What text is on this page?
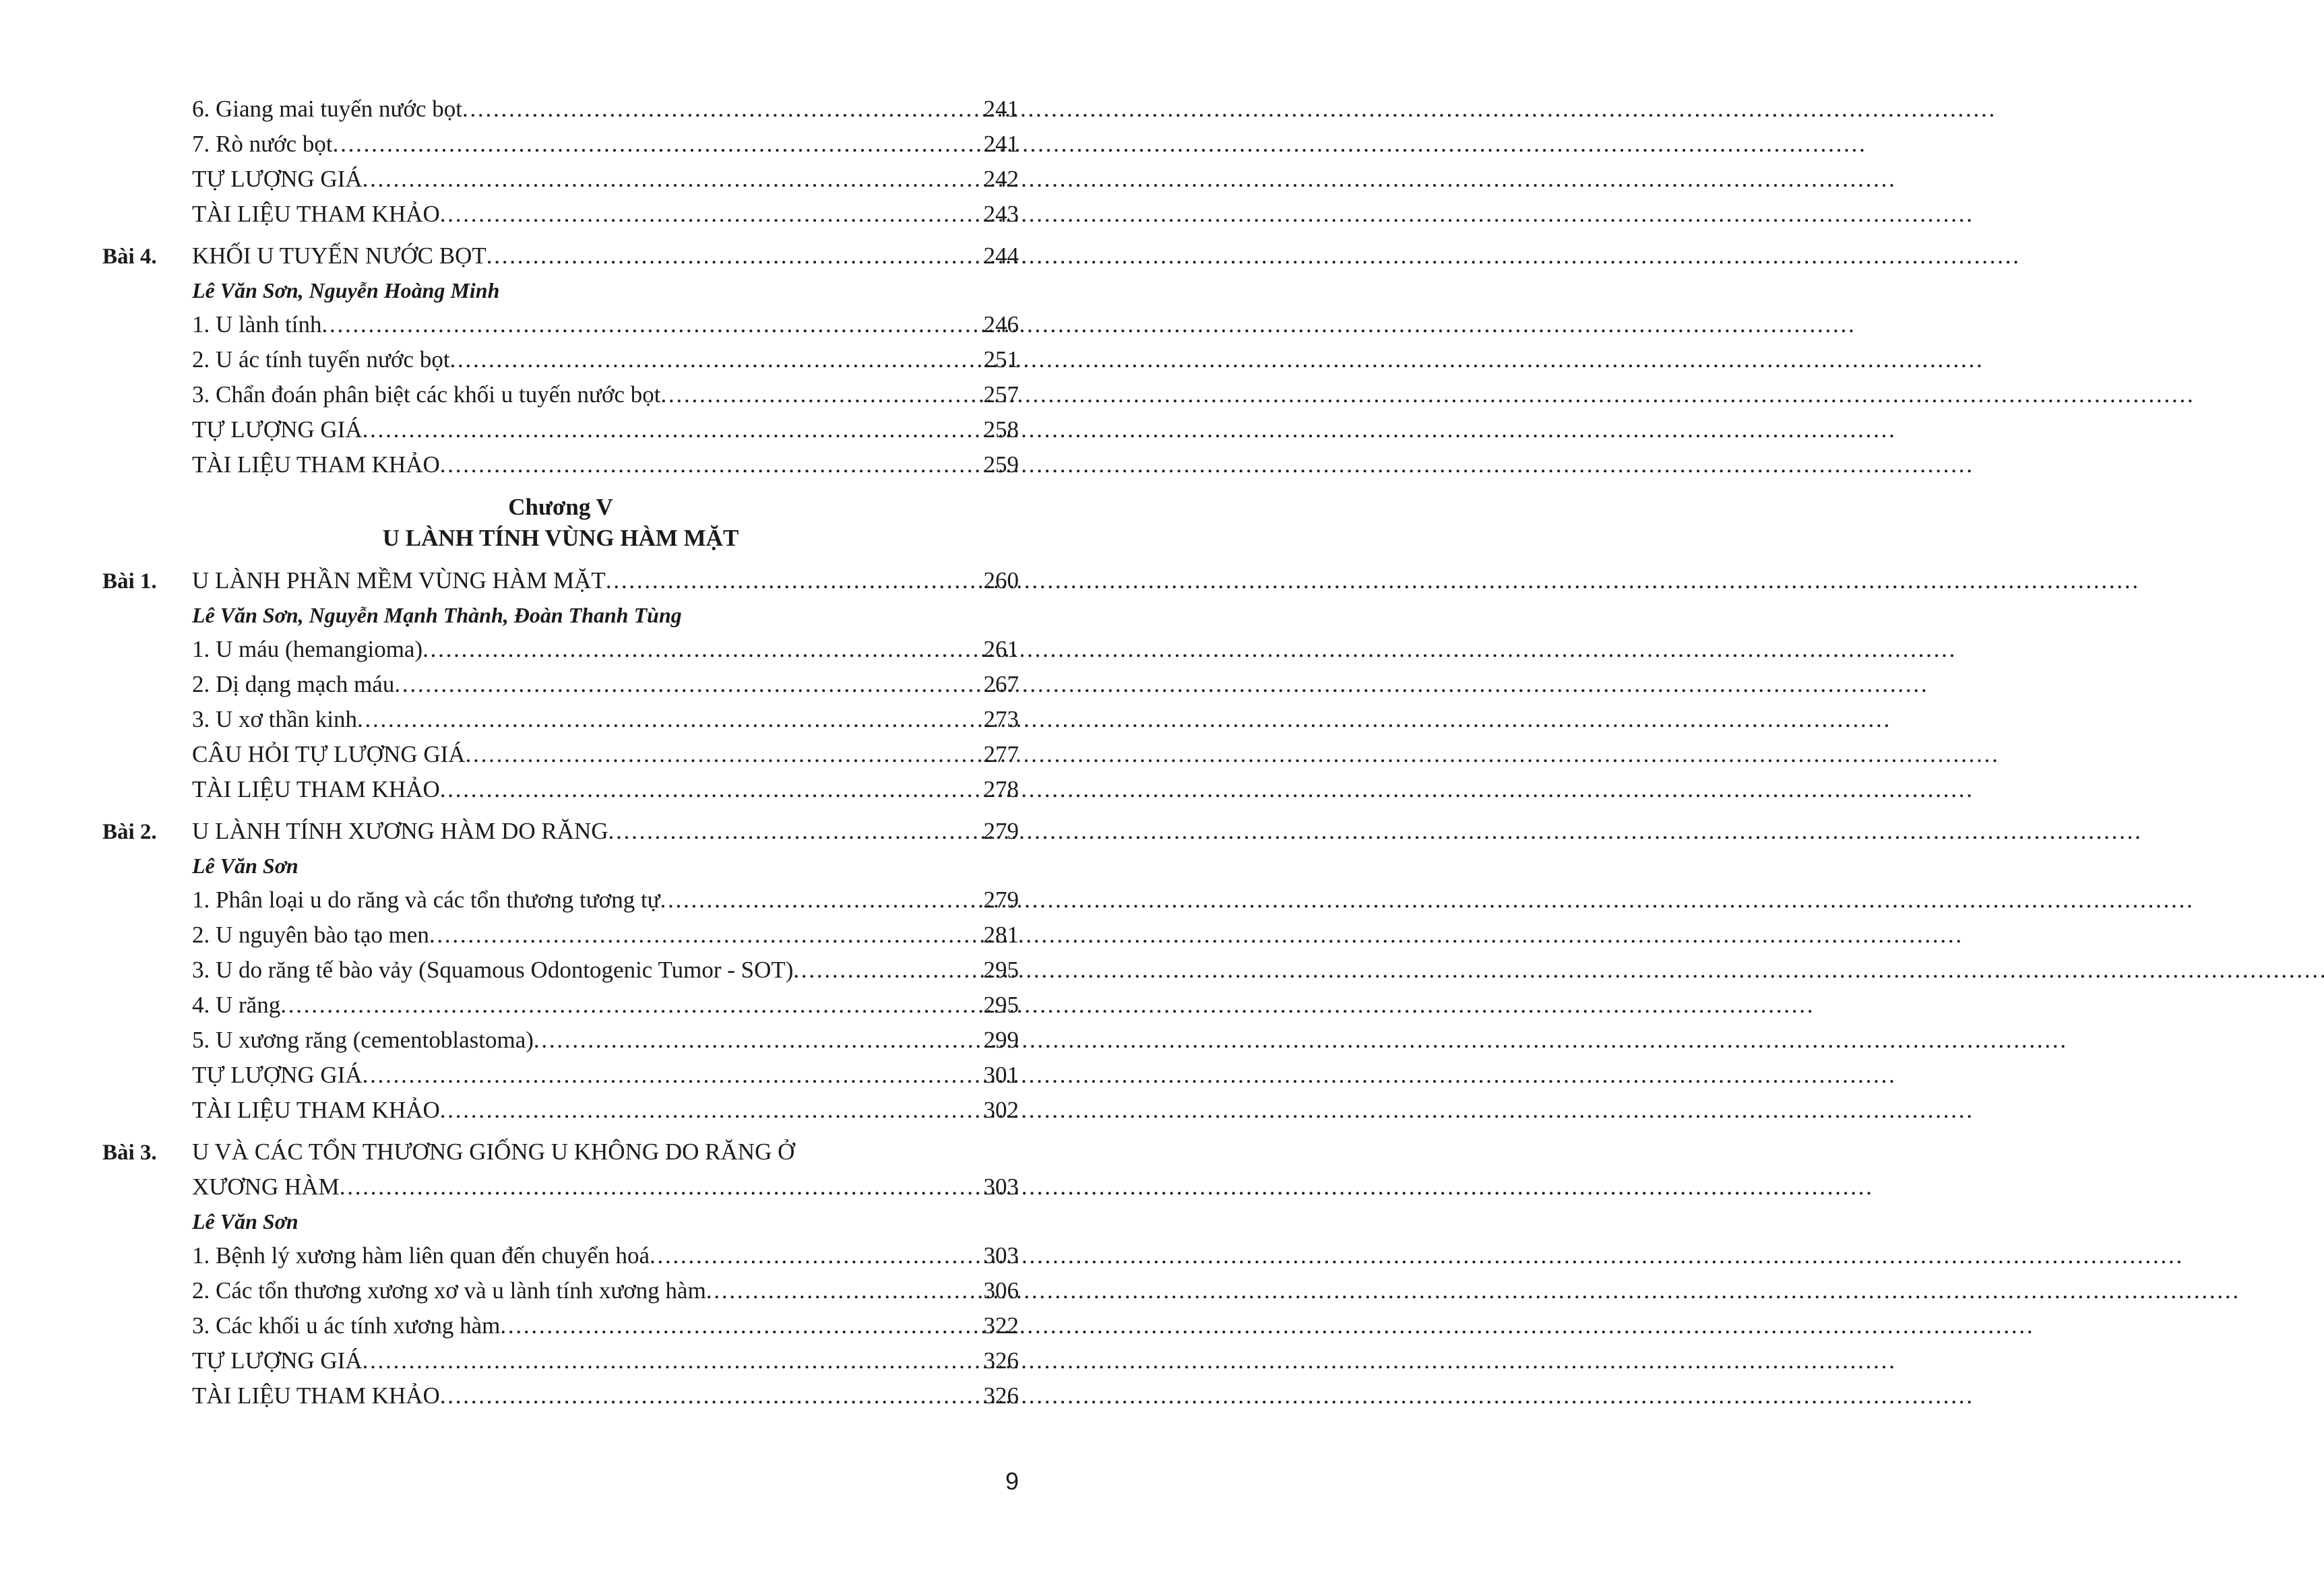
6. Giang mai tuyến nước bọt . . .	241
7. Rò nước bọt . . .	241
TỰ LƯỢNG GIÁ . . .	242
TÀI LIỆU THAM KHẢO . . .	243
Bài 4.	KHỐI U TUYẾN NƯỚC BỌT . . .	244
Lê Văn Sơn, Nguyễn Hoàng Minh
1. U lành tính . . .	246
2. U ác tính tuyến nước bọt . . .	251
3. Chẩn đoán phân biệt các khối u tuyến nước bọt . . .	257
TỰ LƯỢNG GIÁ . . .	258
TÀI LIỆU THAM KHẢO . . .	259
Chương V
U LÀNH TÍNH VÙNG HÀM MẶT
Bài 1.	U LÀNH PHẦN MỀM VÙNG HÀM MẶT . . .	260
Lê Văn Sơn, Nguyễn Mạnh Thành, Đoàn Thanh Tùng
1. U máu (hemangioma) . . .	261
2. Dị dạng mạch máu . . .	267
3. U xơ thần kinh . . .	273
CÂU HỎI TỰ LƯỢNG GIÁ . . .	277
TÀI LIỆU THAM KHẢO . . .	278
Bài 2.	U LÀNH TÍNH XƯƠNG HÀM DO RĂNG . . .	279
Lê Văn Sơn
1. Phân loại u do răng và các tổn thương tương tự . . .	279
2. U nguyên bào tạo men . . .	281
3. U do răng tế bào vảy (Squamous Odontogenic Tumor - SOT) . . .	295
4. U răng . . .	295
5. U xương răng (cementoblastoma) . . .	299
TỰ LƯỢNG GIÁ . . .	301
TÀI LIỆU THAM KHẢO . . .	302
Bài 3.	U VÀ CÁC TỔN THƯƠNG GIỐNG U KHÔNG DO RĂNG Ở
XƯƠNG HÀM . . .	303
Lê Văn Sơn
1. Bệnh lý xương hàm liên quan đến chuyển hoá . . .	303
2. Các tổn thương xương xơ và u lành tính xương hàm . . .	306
3. Các khối u ác tính xương hàm . . .	322
TỰ LƯỢNG GIÁ . . .	326
TÀI LIỆU THAM KHẢO . . .	326
9
